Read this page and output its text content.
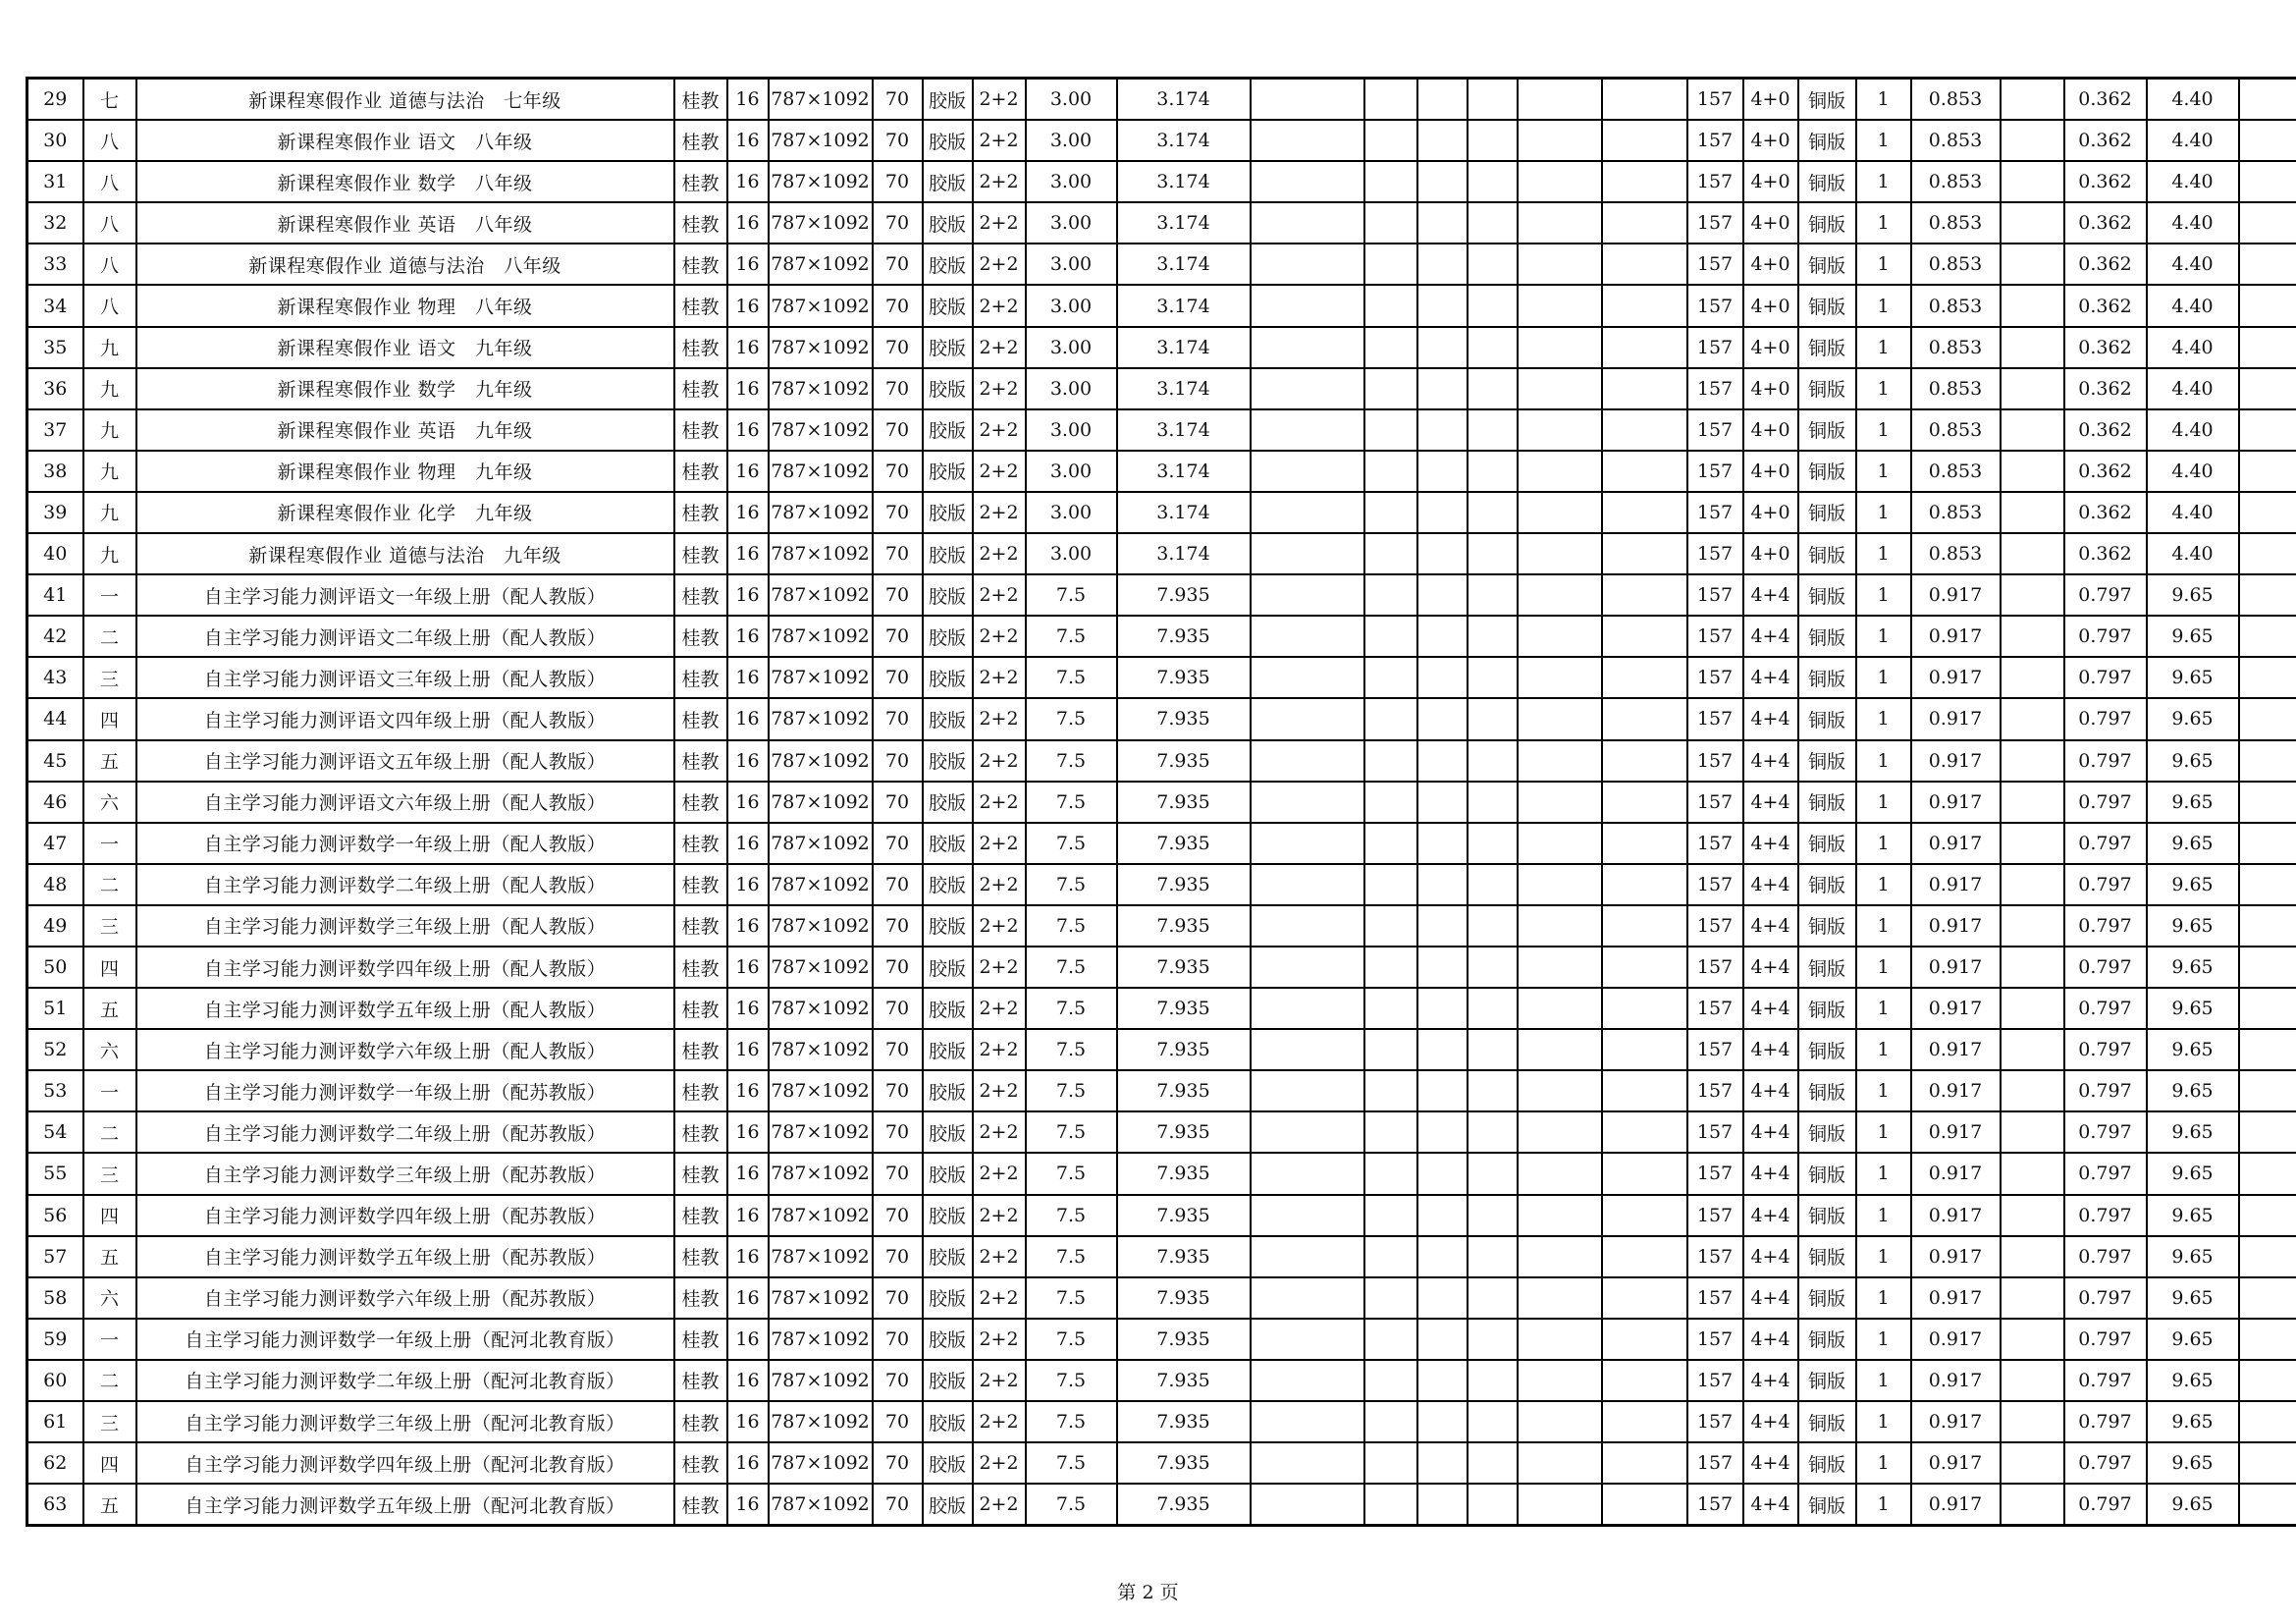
29	七	新课程寒假作业 道德与法治　七年级	桂教	16	787×1092	70	胶版	2+2	3.00	3.174							157	4+0	铜版	1	0.853		0.362	4.40	
30	八	新课程寒假作业 语文　八年级	桂教	16	787×1092	70	胶版	2+2	3.00	3.174							157	4+0	铜版	1	0.853		0.362	4.40	
31	八	新课程寒假作业 数学　八年级	桂教	16	787×1092	70	胶版	2+2	3.00	3.174							157	4+0	铜版	1	0.853		0.362	4.40	
32	八	新课程寒假作业 英语　八年级	桂教	16	787×1092	70	胶版	2+2	3.00	3.174							157	4+0	铜版	1	0.853		0.362	4.40	
33	八	新课程寒假作业 道德与法治　八年级	桂教	16	787×1092	70	胶版	2+2	3.00	3.174							157	4+0	铜版	1	0.853		0.362	4.40	
34	八	新课程寒假作业 物理　八年级	桂教	16	787×1092	70	胶版	2+2	3.00	3.174							157	4+0	铜版	1	0.853		0.362	4.40	
35	九	新课程寒假作业 语文　九年级	桂教	16	787×1092	70	胶版	2+2	3.00	3.174							157	4+0	铜版	1	0.853		0.362	4.40	
36	九	新课程寒假作业 数学　九年级	桂教	16	787×1092	70	胶版	2+2	3.00	3.174							157	4+0	铜版	1	0.853		0.362	4.40	
37	九	新课程寒假作业 英语　九年级	桂教	16	787×1092	70	胶版	2+2	3.00	3.174							157	4+0	铜版	1	0.853		0.362	4.40	
38	九	新课程寒假作业 物理　九年级	桂教	16	787×1092	70	胶版	2+2	3.00	3.174							157	4+0	铜版	1	0.853		0.362	4.40	
39	九	新课程寒假作业 化学　九年级	桂教	16	787×1092	70	胶版	2+2	3.00	3.174							157	4+0	铜版	1	0.853		0.362	4.40	
40	九	新课程寒假作业 道德与法治　九年级	桂教	16	787×1092	70	胶版	2+2	3.00	3.174							157	4+0	铜版	1	0.853		0.362	4.40	
41	一	自主学习能力测评语文一年级上册（配人教版）	桂教	16	787×1092	70	胶版	2+2	7.5	7.935							157	4+4	铜版	1	0.917		0.797	9.65	
42	二	自主学习能力测评语文二年级上册（配人教版）	桂教	16	787×1092	70	胶版	2+2	7.5	7.935							157	4+4	铜版	1	0.917		0.797	9.65	
43	三	自主学习能力测评语文三年级上册（配人教版）	桂教	16	787×1092	70	胶版	2+2	7.5	7.935							157	4+4	铜版	1	0.917		0.797	9.65	
44	四	自主学习能力测评语文四年级上册（配人教版）	桂教	16	787×1092	70	胶版	2+2	7.5	7.935							157	4+4	铜版	1	0.917		0.797	9.65	
45	五	自主学习能力测评语文五年级上册（配人教版）	桂教	16	787×1092	70	胶版	2+2	7.5	7.935							157	4+4	铜版	1	0.917		0.797	9.65	
46	六	自主学习能力测评语文六年级上册（配人教版）	桂教	16	787×1092	70	胶版	2+2	7.5	7.935							157	4+4	铜版	1	0.917		0.797	9.65	
47	一	自主学习能力测评数学一年级上册（配人教版）	桂教	16	787×1092	70	胶版	2+2	7.5	7.935							157	4+4	铜版	1	0.917		0.797	9.65	
48	二	自主学习能力测评数学二年级上册（配人教版）	桂教	16	787×1092	70	胶版	2+2	7.5	7.935							157	4+4	铜版	1	0.917		0.797	9.65	
49	三	自主学习能力测评数学三年级上册（配人教版）	桂教	16	787×1092	70	胶版	2+2	7.5	7.935							157	4+4	铜版	1	0.917		0.797	9.65	
50	四	自主学习能力测评数学四年级上册（配人教版）	桂教	16	787×1092	70	胶版	2+2	7.5	7.935							157	4+4	铜版	1	0.917		0.797	9.65	
51	五	自主学习能力测评数学五年级上册（配人教版）	桂教	16	787×1092	70	胶版	2+2	7.5	7.935							157	4+4	铜版	1	0.917		0.797	9.65	
52	六	自主学习能力测评数学六年级上册（配人教版）	桂教	16	787×1092	70	胶版	2+2	7.5	7.935							157	4+4	铜版	1	0.917		0.797	9.65	
53	一	自主学习能力测评数学一年级上册（配苏教版）	桂教	16	787×1092	70	胶版	2+2	7.5	7.935							157	4+4	铜版	1	0.917		0.797	9.65	
54	二	自主学习能力测评数学二年级上册（配苏教版）	桂教	16	787×1092	70	胶版	2+2	7.5	7.935							157	4+4	铜版	1	0.917		0.797	9.65	
55	三	自主学习能力测评数学三年级上册（配苏教版）	桂教	16	787×1092	70	胶版	2+2	7.5	7.935							157	4+4	铜版	1	0.917		0.797	9.65	
56	四	自主学习能力测评数学四年级上册（配苏教版）	桂教	16	787×1092	70	胶版	2+2	7.5	7.935							157	4+4	铜版	1	0.917		0.797	9.65	
57	五	自主学习能力测评数学五年级上册（配苏教版）	桂教	16	787×1092	70	胶版	2+2	7.5	7.935							157	4+4	铜版	1	0.917		0.797	9.65	
58	六	自主学习能力测评数学六年级上册（配苏教版）	桂教	16	787×1092	70	胶版	2+2	7.5	7.935							157	4+4	铜版	1	0.917		0.797	9.65	
59	一	自主学习能力测评数学一年级上册（配河北教育版）	桂教	16	787×1092	70	胶版	2+2	7.5	7.935							157	4+4	铜版	1	0.917		0.797	9.65	
60	二	自主学习能力测评数学二年级上册（配河北教育版）	桂教	16	787×1092	70	胶版	2+2	7.5	7.935							157	4+4	铜版	1	0.917		0.797	9.65	
61	三	自主学习能力测评数学三年级上册（配河北教育版）	桂教	16	787×1092	70	胶版	2+2	7.5	7.935							157	4+4	铜版	1	0.917		0.797	9.65	
62	四	自主学习能力测评数学四年级上册（配河北教育版）	桂教	16	787×1092	70	胶版	2+2	7.5	7.935							157	4+4	铜版	1	0.917		0.797	9.65	
63	五	自主学习能力测评数学五年级上册（配河北教育版）	桂教	16	787×1092	70	胶版	2+2	7.5	7.935							157	4+4	铜版	1	0.917		0.797	9.65	
第 2 页
